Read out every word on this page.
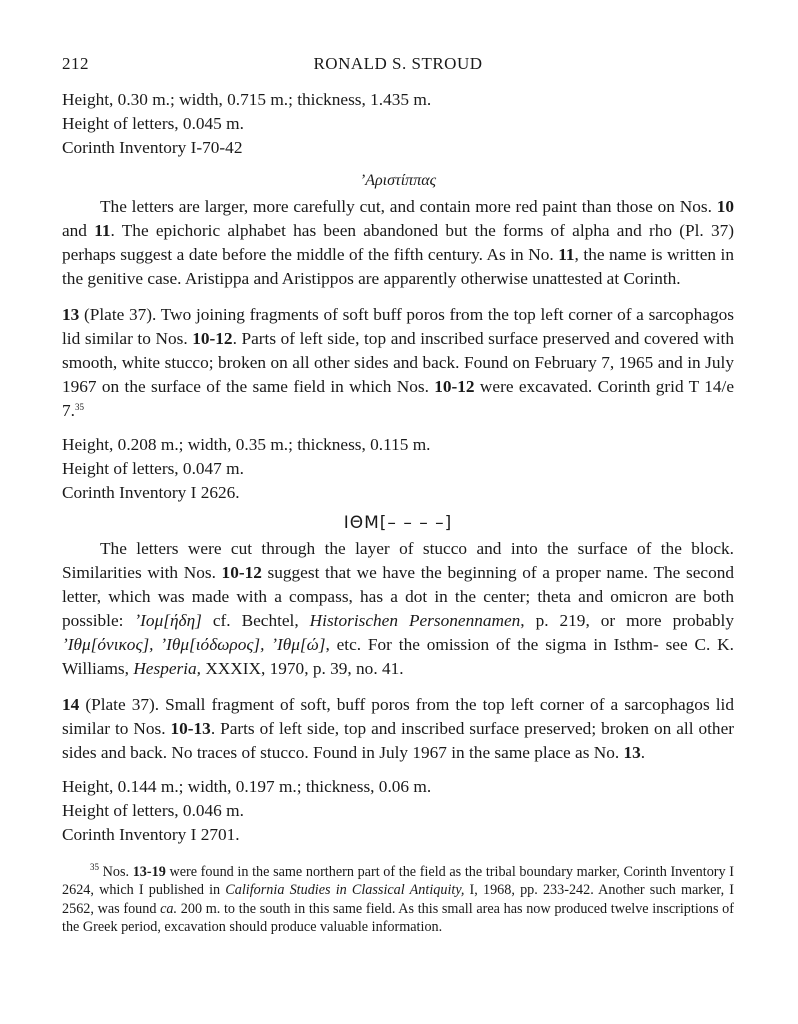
212	RONALD S. STROUD
Height, 0.30 m.; width, 0.715 m.; thickness, 1.435 m.
Height of letters, 0.045 m.
Corinth Inventory I-70-42
ʼΑριστίππας

The letters are larger, more carefully cut, and contain more red paint than those on Nos. 10 and 11. The epichoric alphabet has been abandoned but the forms of alpha and rho (Pl. 37) perhaps suggest a date before the middle of the fifth century. As in No. 11, the name is written in the genitive case. Aristippa and Aristippos are apparently otherwise unattested at Corinth.

13 (Plate 37). Two joining fragments of soft buff poros from the top left corner of a sarcophagos lid similar to Nos. 10-12. Parts of left side, top and inscribed surface preserved and covered with smooth, white stucco; broken on all other sides and back. Found on February 7, 1965 and in July 1967 on the surface of the same field in which Nos. 10-12 were excavated. Corinth grid T 14/e 7.35

Height, 0.208 m.; width, 0.35 m.; thickness, 0.115 m.
Height of letters, 0.047 m.
Corinth Inventory I 2626.
ΙΘΜ[– – – –]

The letters were cut through the layer of stucco and into the surface of the block. Similarities with Nos. 10-12 suggest that we have the beginning of a proper name. The second letter, which was made with a compass, has a dot in the center; theta and omicron are both possible: ʼΙομ[ήδη] cf. Bechtel, Historischen Personennamen, p. 219, or more probably ʼΙθμ[όνικος], ʼΙθμ[ιόδωρος], ʼΙθμ[ώ], etc. For the omission of the sigma in Isthm- see C. K. Williams, Hesperia, XXXIX, 1970, p. 39, no. 41.

14 (Plate 37). Small fragment of soft, buff poros from the top left corner of a sarcophagos lid similar to Nos. 10-13. Parts of left side, top and inscribed surface preserved; broken on all other sides and back. No traces of stucco. Found in July 1967 in the same place as No. 13.

Height, 0.144 m.; width, 0.197 m.; thickness, 0.06 m.
Height of letters, 0.046 m.
Corinth Inventory I 2701.

$^{35}$ Nos. 13-19 were found in the same northern part of the field as the tribal boundary marker, Corinth Inventory I 2624, which I published in California Studies in Classical Antiquity, I, 1968, pp. 233-242. Another such marker, I 2562, was found ca. 200 m. to the south in this same field. As this small area has now produced twelve inscriptions of the Greek period, excavation should produce valuable information.
